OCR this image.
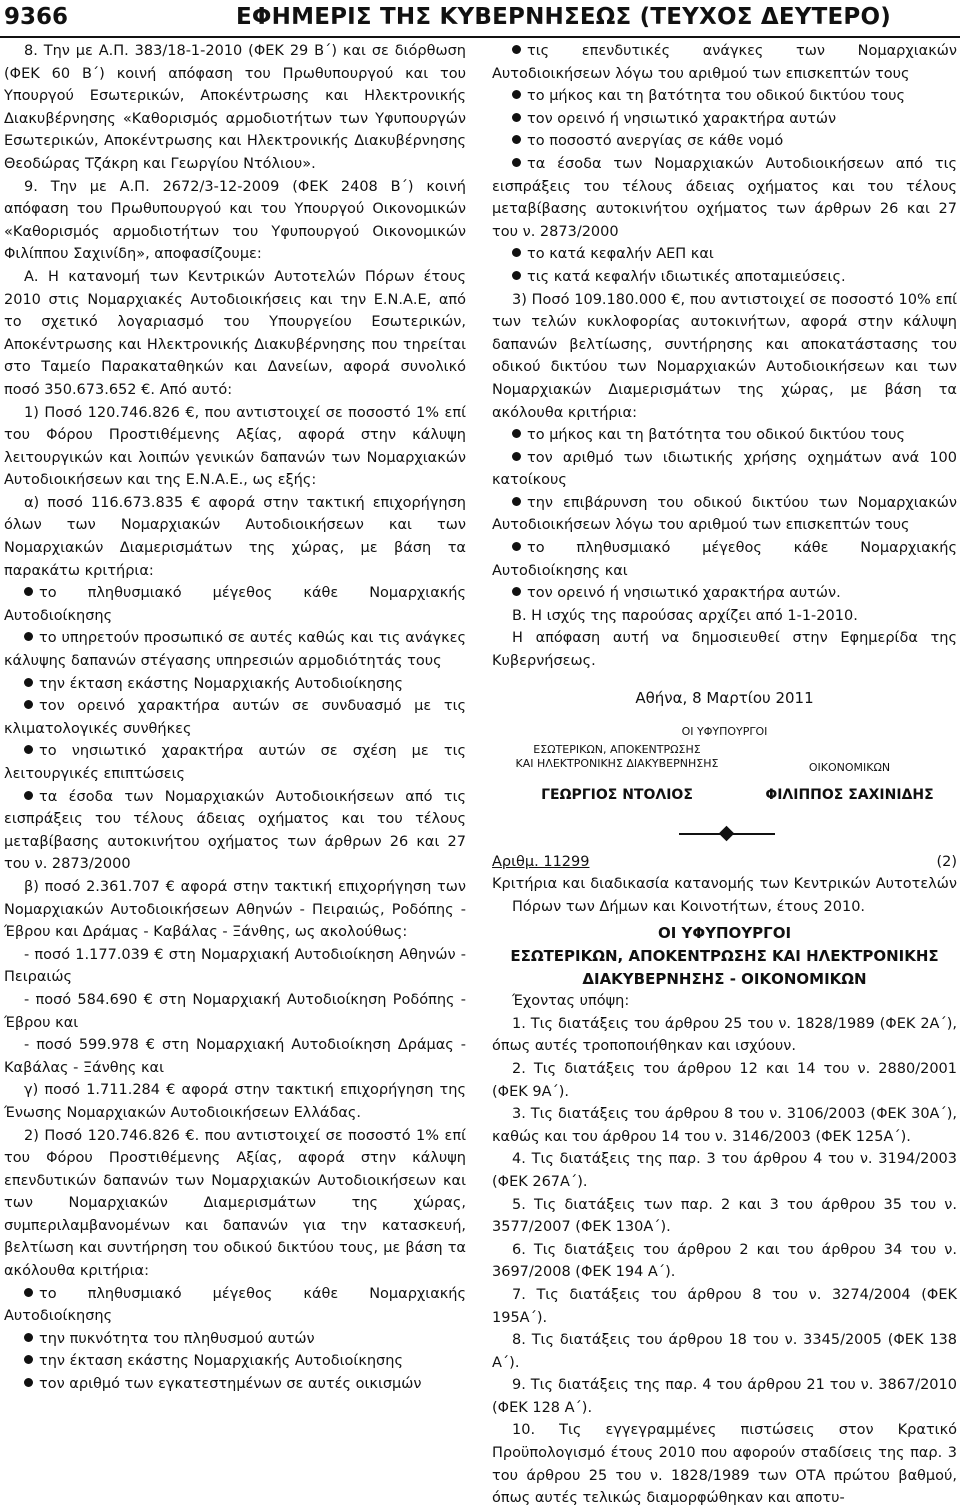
9366	ΕΦΗΜΕΡΙΣ ΤΗΣ ΚΥΒΕΡΝΗΣΕΩΣ (ΤΕΥΧΟΣ ΔΕΥΤΕΡΟ)

8. Την με Α.Π. 383/18-1-2010 (ΦΕΚ 29 Β΄) και σε διόρθωση (ΦΕΚ 60 Β΄) κοινή απόφαση του Πρωθυπουργού και του Υπουργού Εσωτερικών, Αποκέντρωσης και Ηλεκτρονικής Διακυβέρνησης «Καθορισμός αρμοδιοτήτων των Υφυπουργών Εσωτερικών, Αποκέντρωσης και Ηλεκτρονικής Διακυβέρνησης Θεοδώρας Τζάκρη και Γεωργίου Ντόλιου».

9. Την με Α.Π. 2672/3-12-2009 (ΦΕΚ 2408 Β΄) κοινή απόφαση του Πρωθυπουργού και του Υπουργού Οικονομικών «Καθορισμός αρμοδιοτήτων του Υφυπουργού Οικονομικών Φιλίππου Σαχινίδη», αποφασίζουμε:

Α. Η κατανομή των Κεντρικών Αυτοτελών Πόρων έτους 2010 στις Νομαρχιακές Αυτοδιοικήσεις και την Ε.Ν.Α.Ε, από το σχετικό λογαριασμό του Υπουργείου Εσωτερικών, Αποκέντρωσης και Ηλεκτρονικής Διακυβέρνησης που τηρείται στο Ταμείο Παρακαταθηκών και Δανείων, αφορά συνολικό ποσό 350.673.652 €. Από αυτό:

1) Ποσό 120.746.826 €, που αντιστοιχεί σε ποσοστό 1% επί του Φόρου Προστιθέμενης Αξίας, αφορά στην κάλυψη λειτουργικών και λοιπών γενικών δαπανών των Νομαρχιακών Αυτοδιοικήσεων και της Ε.Ν.Α.Ε., ως εξής:

α) ποσό 116.673.835 € αφορά στην τακτική επιχορήγηση όλων των Νομαρχιακών Αυτοδιοικήσεων και των Νομαρχιακών Διαμερισμάτων της χώρας, με βάση τα παρακάτω κριτήρια:

το πληθυσμιακό μέγεθος κάθε Νομαρχιακής Αυτοδιοίκησης

το υπηρετούν προσωπικό σε αυτές καθώς και τις ανάγκες κάλυψης δαπανών στέγασης υπηρεσιών αρμοδιότητάς τους

την έκταση εκάστης Νομαρχιακής Αυτοδιοίκησης

τον ορεινό χαρακτήρα αυτών σε συνδυασμό με τις κλιματολογικές συνθήκες

το νησιωτικό χαρακτήρα αυτών σε σχέση με τις λειτουργικές επιπτώσεις

τα έσοδα των Νομαρχιακών Αυτοδιοικήσεων από τις εισπράξεις του τέλους άδειας οχήματος και του τέλους μεταβίβασης αυτοκινήτου οχήματος των άρθρων 26 και 27 του ν. 2873/2000

β) ποσό 2.361.707 € αφορά στην τακτική επιχορήγηση των Νομαρχιακών Αυτοδιοικήσεων Αθηνών - Πειραιώς, Ροδόπης - Έβρου και Δράμας - Καβάλας - Ξάνθης, ως ακολούθως:

- ποσό 1.177.039 € στη Νομαρχιακή Αυτοδιοίκηση Αθηνών - Πειραιώς

- ποσό 584.690 € στη Νομαρχιακή Αυτοδιοίκηση Ροδόπης - Έβρου και

- ποσό 599.978 € στη Νομαρχιακή Αυτοδιοίκηση Δράμας - Καβάλας - Ξάνθης και

γ) ποσό 1.711.284 € αφορά στην τακτική επιχορήγηση της Ένωσης Νομαρχιακών Αυτοδιοικήσεων Ελλάδας.

2) Ποσό 120.746.826 €. που αντιστοιχεί σε ποσοστό 1% επί του Φόρου Προστιθέμενης Αξίας, αφορά στην κάλυψη επενδυτικών δαπανών των Νομαρχιακών Αυτοδιοικήσεων και των Νομαρχιακών Διαμερισμάτων της χώρας, συμπεριλαμβανομένων και δαπανών για την κατασκευή, βελτίωση και συντήρηση του οδικού δικτύου τους, με βάση τα ακόλουθα κριτήρια:

το πληθυσμιακό μέγεθος κάθε Νομαρχιακής Αυτοδιοίκησης

την πυκνότητα του πληθυσμού αυτών

την έκταση εκάστης Νομαρχιακής Αυτοδιοίκησης

τον αριθμό των εγκατεστημένων σε αυτές οικισμών

τις επενδυτικές ανάγκες των Νομαρχιακών Αυτοδιοικήσεων λόγω του αριθμού των επισκεπτών τους

το μήκος και τη βατότητα του οδικού δικτύου τους

τον ορεινό ή νησιωτικό χαρακτήρα αυτών

το ποσοστό ανεργίας σε κάθε νομό

τα έσοδα των Νομαρχιακών Αυτοδιοικήσεων από τις εισπράξεις του τέλους άδειας οχήματος και του τέλους μεταβίβασης αυτοκινήτου οχήματος των άρθρων 26 και 27 του ν. 2873/2000

το κατά κεφαλήν ΑΕΠ και

τις κατά κεφαλήν ιδιωτικές αποταμιεύσεις.

3) Ποσό 109.180.000 €, που αντιστοιχεί σε ποσοστό 10% επί των τελών κυκλοφορίας αυτοκινήτων, αφορά στην κάλυψη δαπανών βελτίωσης, συντήρησης και αποκατάστασης του οδικού δικτύου των Νομαρχιακών Αυτοδιοικήσεων και των Νομαρχιακών Διαμερισμάτων της χώρας, με βάση τα ακόλουθα κριτήρια:

το μήκος και τη βατότητα του οδικού δικτύου τους

τον αριθμό των ιδιωτικής χρήσης οχημάτων ανά 100 κατοίκους

την επιβάρυνση του οδικού δικτύου των Νομαρχιακών Αυτοδιοικήσεων λόγω του αριθμού των επισκεπτών τους

το πληθυσμιακό μέγεθος κάθε Νομαρχιακής Αυτοδιοίκησης και

τον ορεινό ή νησιωτικό χαρακτήρα αυτών.

Β. Η ισχύς της παρούσας αρχίζει από 1-1-2010.

Η απόφαση αυτή να δημοσιευθεί στην Εφημερίδα της Κυβερνήσεως.

Αθήνα, 8 Μαρτίου 2011
ΟΙ ΥΦΥΠΟΥΡΓΟΙ
ΕΣΩΤΕΡΙΚΩΝ, ΑΠΟΚΕΝΤΡΩΣΗΣ
ΚΑΙ ΗΛΕΚΤΡΟΝΙΚΗΣ ΔΙΑΚΥΒΕΡΝΗΣΗΣ	ΟΙΚΟΝΟΜΙΚΩΝ
ΓΕΩΡΓΙΟΣ ΝΤΟΛΙΟΣ	ΦΙΛΙΠΠΟΣ ΣΑΧΙΝΙΔΗΣ

Αριθμ. 11299	(2)

Κριτήρια και διαδικασία κατανομής των Κεντρικών Αυτοτελών Πόρων των Δήμων και Κοινοτήτων, έτους 2010.

ΟΙ ΥΦΥΠΟΥΡΓΟΙ

ΕΣΩΤΕΡΙΚΩΝ, ΑΠΟΚΕΝΤΡΩΣΗΣ ΚΑΙ ΗΛΕΚΤΡΟΝΙΚΗΣ ΔΙΑΚΥΒΕΡΝΗΣΗΣ - ΟΙΚΟΝΟΜΙΚΩΝ

Έχοντας υπόψη:

1. Τις διατάξεις του άρθρου 25 του ν. 1828/1989 (ΦΕΚ 2Α΄), όπως αυτές τροποποιήθηκαν και ισχύουν.

2. Τις διατάξεις του άρθρου 12 και 14 του ν. 2880/2001 (ΦΕΚ 9Α΄).

3. Τις διατάξεις του άρθρου 8 του ν. 3106/2003 (ΦΕΚ 30Α΄), καθώς και του άρθρου 14 του ν. 3146/2003 (ΦΕΚ 125Α΄).

4. Τις διατάξεις της παρ. 3 του άρθρου 4 του ν. 3194/2003 (ΦΕΚ 267Α΄).

5. Τις διατάξεις των παρ. 2 και 3 του άρθρου 35 του ν. 3577/2007 (ΦΕΚ 130Α΄).

6. Τις διατάξεις του άρθρου 2 και του άρθρου 34 του ν. 3697/2008 (ΦΕΚ 194 Α΄).

7. Τις διατάξεις του άρθρου 8 του ν. 3274/2004 (ΦΕΚ 195Α΄).

8. Τις διατάξεις του άρθρου 18 του ν. 3345/2005 (ΦΕΚ 138 Α΄).

9. Τις διατάξεις της παρ. 4 του άρθρου 21 του ν. 3867/2010 (ΦΕΚ 128 Α΄).

10. Τις εγγεγραμμένες πιστώσεις στον Κρατικό Προϋπολογισμό έτους 2010 που αφορούν σταδίσεις της παρ. 3 του άρθρου 25 του ν. 1828/1989 των ΟΤΑ πρώτου βαθμού, όπως αυτές τελικώς διαμορφώθηκαν και αποτυ-
